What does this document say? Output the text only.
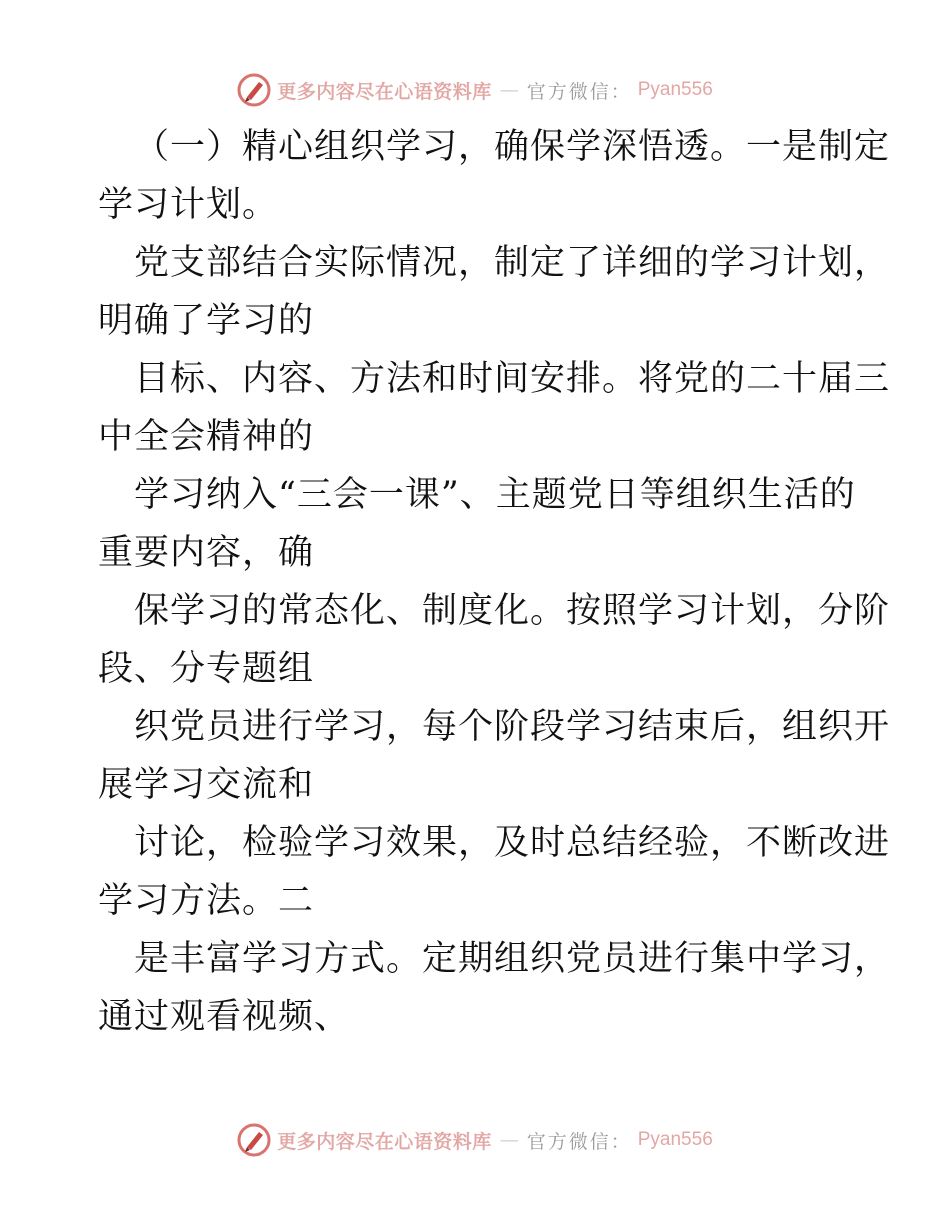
更多内容尽在心语资料库 — 官方微信： Pyan556
（一）精心组织学习，确保学深悟透。一是制定
学习计划。
党支部结合实际情况，制定了详细的学习计划，
明确了学习的
目标、内容、方法和时间安排。将党的二十届三
中全会精神的
学习纳入“三会一课”、主题党日等组织生活的
重要内容，确
保学习的常态化、制度化。按照学习计划，分阶
段、分专题组
织党员进行学习，每个阶段学习结束后，组织开
展学习交流和
讨论，检验学习效果，及时总结经验，不断改进
学习方法。二
是丰富学习方式。定期组织党员进行集中学习，
通过观看视频、
更多内容尽在心语资料库 — 官方微信： Pyan556
